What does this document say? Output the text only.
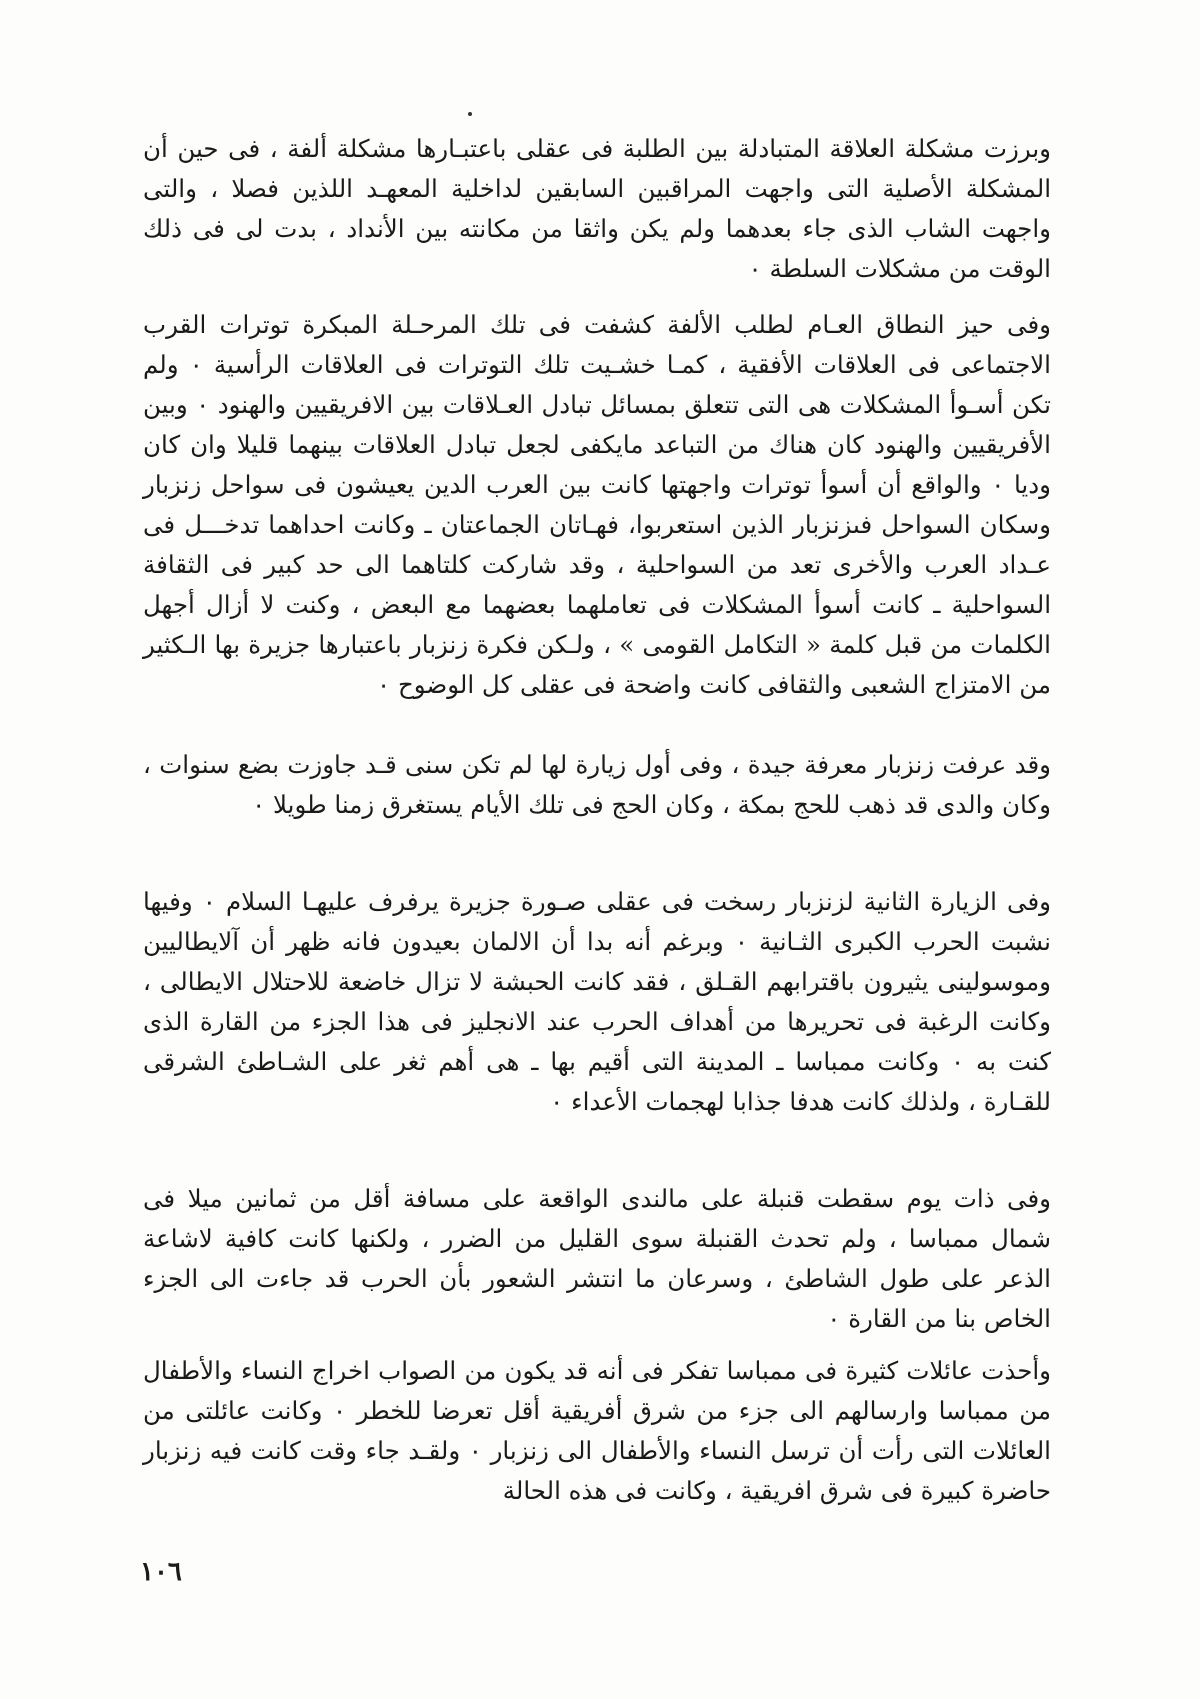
وبرزت مشكلة العلاقة المتبادلة بين الطلبة فى عقلى باعتبـارها مشكلة ألفة ، فى حين أن المشكلة الأصلية التى واجهت المراقبين السابقين لداخلية المعهـد اللذين فصلا ، والتى واجهت الشاب الذى جاء بعدهما ولم يكن واثقا من مكانته بين الأنداد ، بدت لى فى ذلك الوقت من مشكلات السلطة ٠

وفى حيز النطاق العـام لطلب الألفة كشفت فى تلك المرحـلة المبكرة توترات القرب الاجتماعى فى العلاقات الأفقية ، كمـا خشـيت تلك التوترات فى العلاقات الرأسية ٠ ولم تكن أسـوأ المشكلات هى التى تتعلق بمسائل تبادل العـلاقات بين الافريقيين والهنود ٠ وبين الأفريقيين والهنود كان هناك من التباعد مايكفى لجعل تبادل العلاقات بينهما قليلا وان كان وديا ٠ والواقع أن أسوأ توترات واجهتها كانت بين العرب الدين يعيشون فى سواحل زنزبار وسكان السواحل فىزنزبار الذين استعربوا، فهـاتان الجماعتان ـ وكانت احداهما تدخـــل فى عـداد العرب والأخرى تعد من السواحلية ، وقد شاركت كلتاهما الى حد كبير فى الثقافة السواحلية ـ كانت أسوأ المشكلات فى تعاملهما بعضهما مع البعض ، وكنت لا أزال أجهل الكلمات من قبل كلمة « التكامل القومى » ، ولـكن فكرة زنزبار باعتبارها جزيرة بها الـكثير من الامتزاج الشعبى والثقافى كانت واضحة فى عقلى كل الوضوح ٠

وقد عرفت زنزبار معرفة جيدة ، وفى أول زيارة لها لم تكن سنى قـد جاوزت بضع سنوات ، وكان والدى قد ذهب للحج بمكة ، وكان الحج فى تلك الأيام يستغرق زمنا طويلا ٠

وفى الزيارة الثانية لزنزبار رسخت فى عقلى صـورة جزيرة يرفرف عليهـا السلام ٠ وفيها نشبت الحرب الكبرى الثـانية ٠ وبرغم أنه بدا أن الالمان بعيدون فانه ظهر أن آلايطاليين وموسولينى يثيرون باقترابهم القـلق ، فقد كانت الحبشة لا تزال خاضعة للاحتلال الايطالى ، وكانت الرغبة فى تحريرها من أهداف الحرب عند الانجليز فى هذا الجزء من القارة الذى كنت به ٠ وكانت ممباسا ـ المدينة التى أقيم بها ـ هى أهم ثغر على الشـاطئ الشرقى للقـارة ، ولذلك كانت هدفا جذابا لهجمات الأعداء ٠

وفى ذات يوم سقطت قنبلة على مالندى الواقعة على مسافة أقل من ثمانين ميلا فى شمال ممباسا ، ولم تحدث القنبلة سوى القليل من الضرر ، ولكنها كانت كافية لاشاعة الذعر على طول الشاطئ ، وسرعان ما انتشر الشعور بأن الحرب قد جاءت الى الجزء الخاص بنا من القارة ٠

وأحذت عائلات كثيرة فى ممباسا تفكر فى أنه قد يكون من الصواب اخراج النساء والأطفال من ممباسا وارسالهم الى جزء من شرق أفريقية أقل تعرضا للخطر ٠ وكانت عائلتى من العائلات التى رأت أن ترسل النساء والأطفال الى زنزبار ٠ ولقـد جاء وقت كانت فيه زنزبار حاضرة كبيرة فى شرق افريقية ، وكانت فى هذه الحالة

١٠٦
